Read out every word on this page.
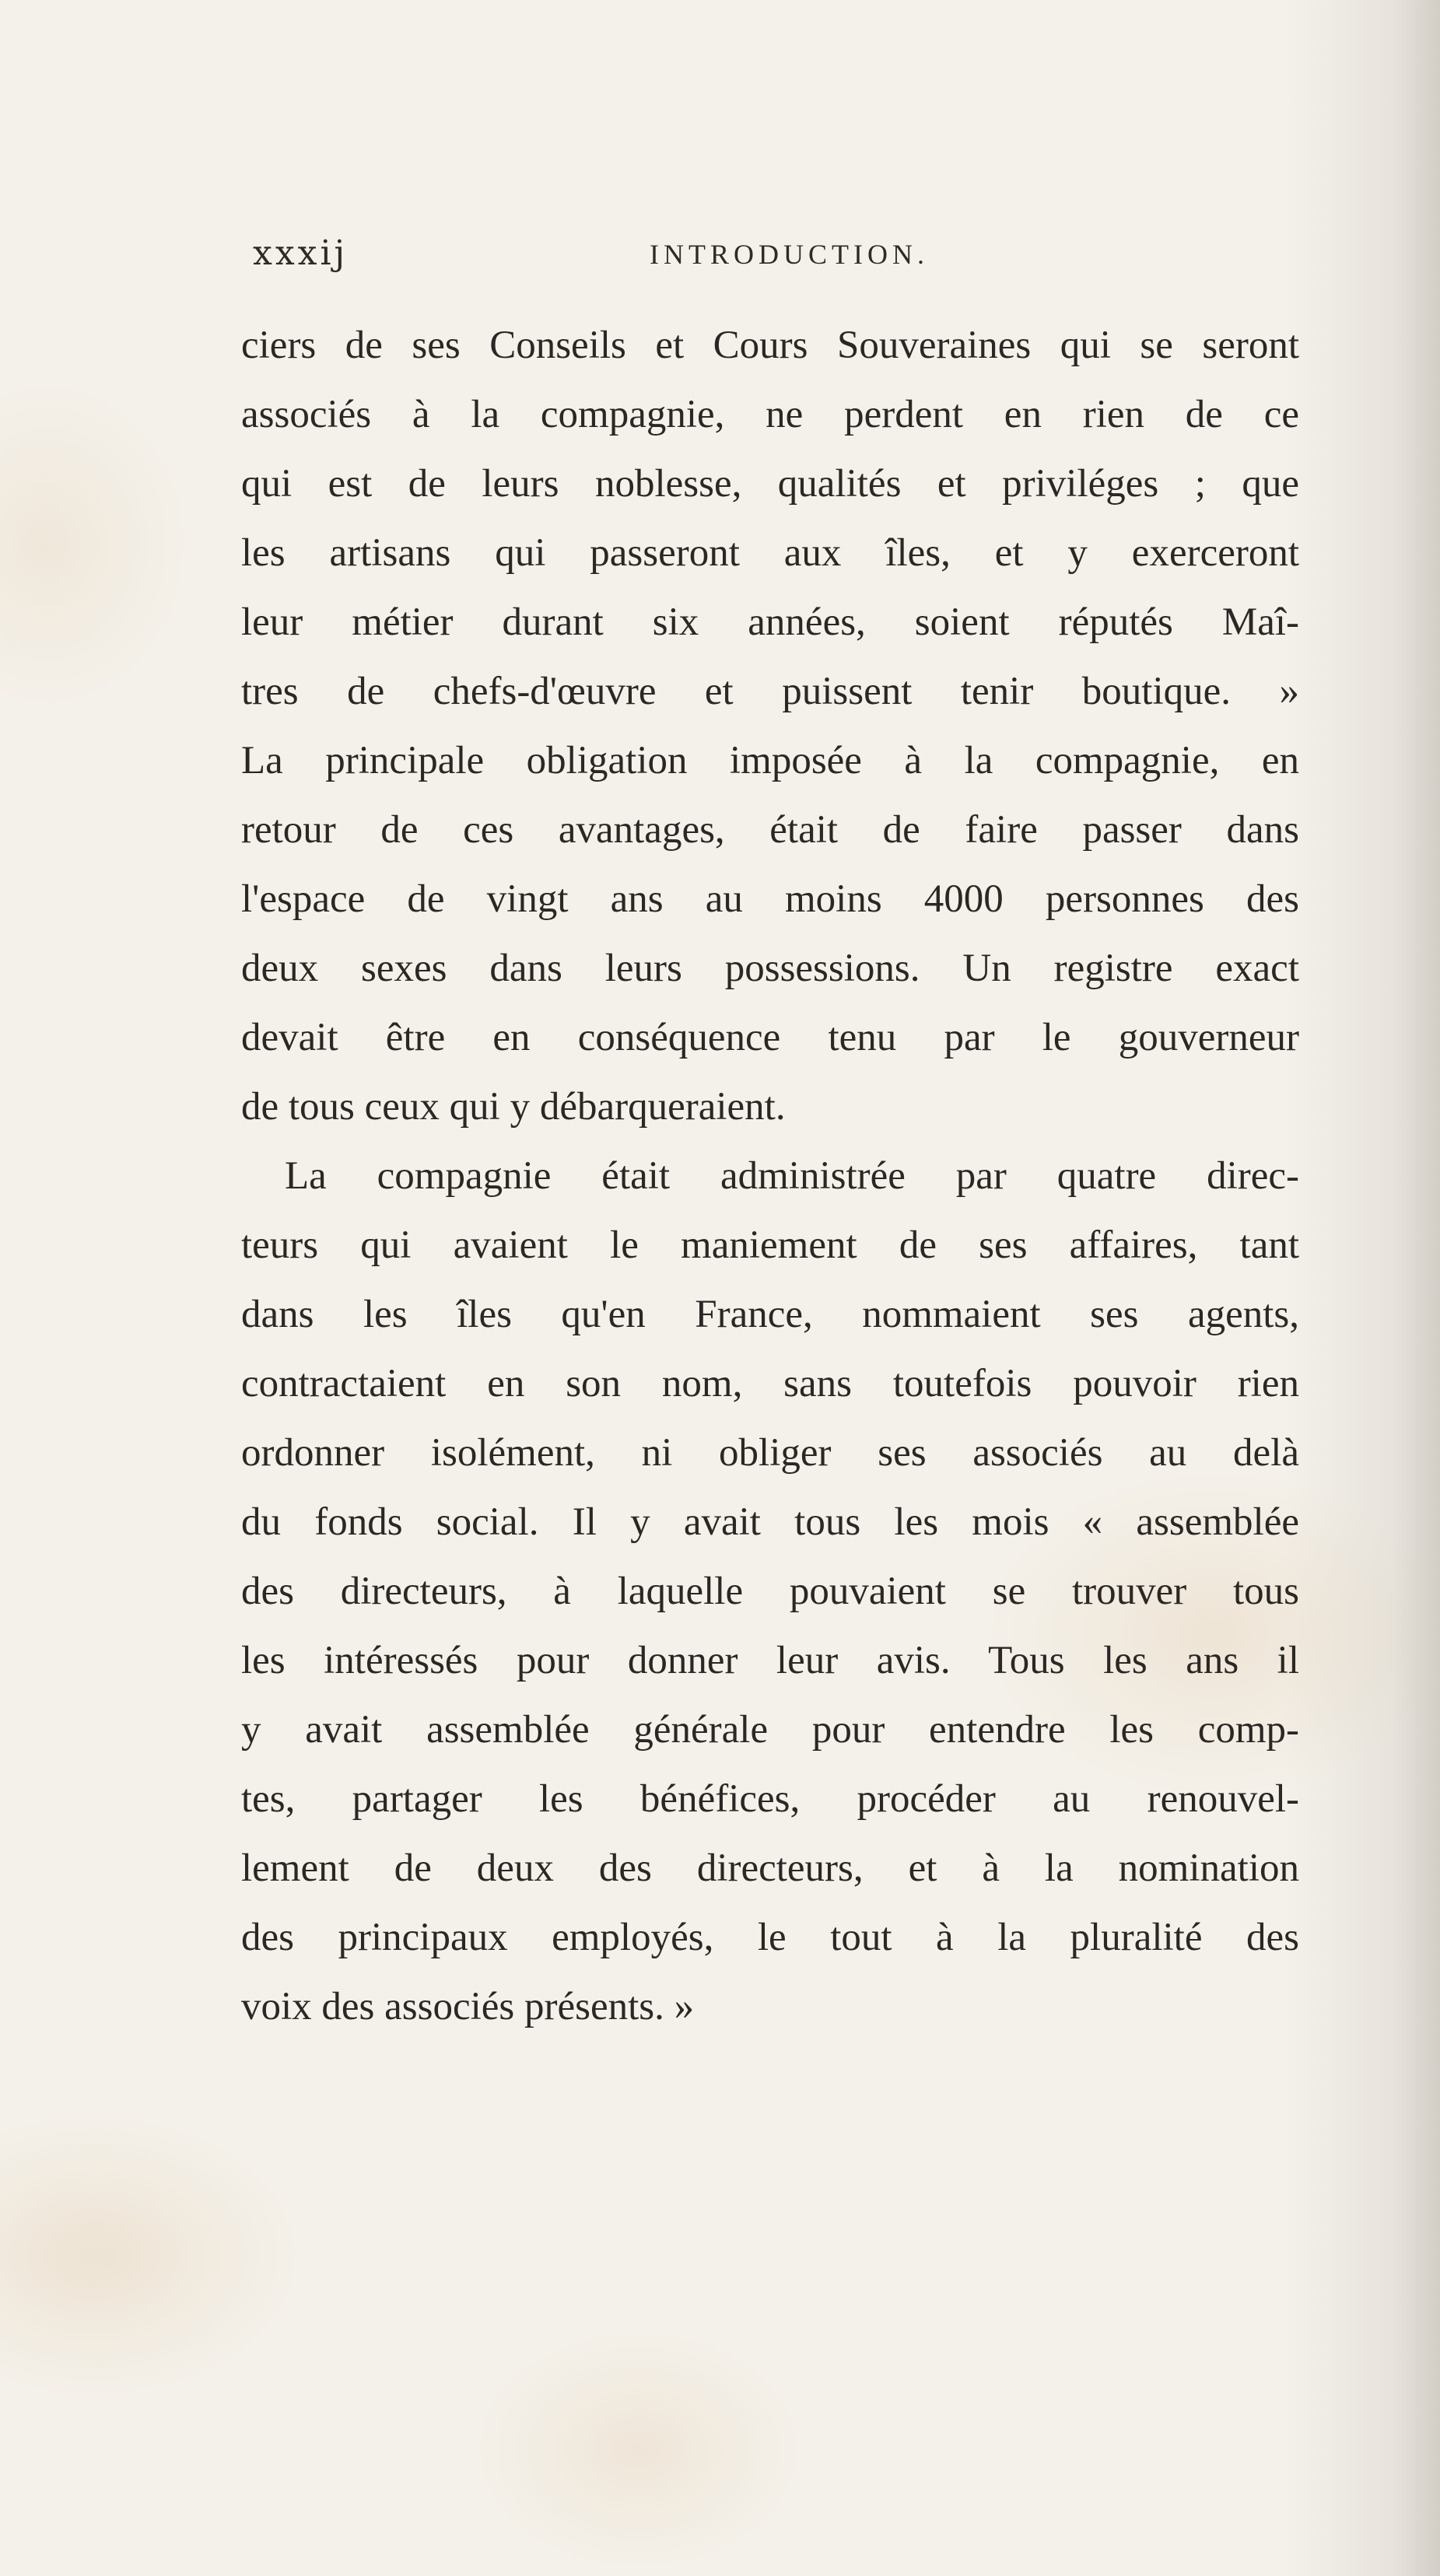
xxxij	INTRODUCTION.
ciers de ses Conseils et Cours Souveraines qui se seront
associés à la compagnie, ne perdent en rien de ce
qui est de leurs noblesse, qualités et priviléges ; que
les artisans qui passeront aux îles, et y exerceront
leur métier durant six années, soient réputés Maî-
tres de chefs-d'œuvre et puissent tenir boutique. »
La principale obligation imposée à la compagnie, en
retour de ces avantages, était de faire passer dans
l'espace de vingt ans au moins 4000 personnes des
deux sexes dans leurs possessions. Un registre exact
devait être en conséquence tenu par le gouverneur
de tous ceux qui y débarqueraient.
La compagnie était administrée par quatre direc-
teurs qui avaient le maniement de ses affaires, tant
dans les îles qu'en France, nommaient ses agents,
contractaient en son nom, sans toutefois pouvoir rien
ordonner isolément, ni obliger ses associés au delà
du fonds social. Il y avait tous les mois « assemblée
des directeurs, à laquelle pouvaient se trouver tous
les intéressés pour donner leur avis. Tous les ans il
y avait assemblée générale pour entendre les comp-
tes, partager les bénéfices, procéder au renouvel-
lement de deux des directeurs, et à la nomination
des principaux employés, le tout à la pluralité des
voix des associés présents. »
